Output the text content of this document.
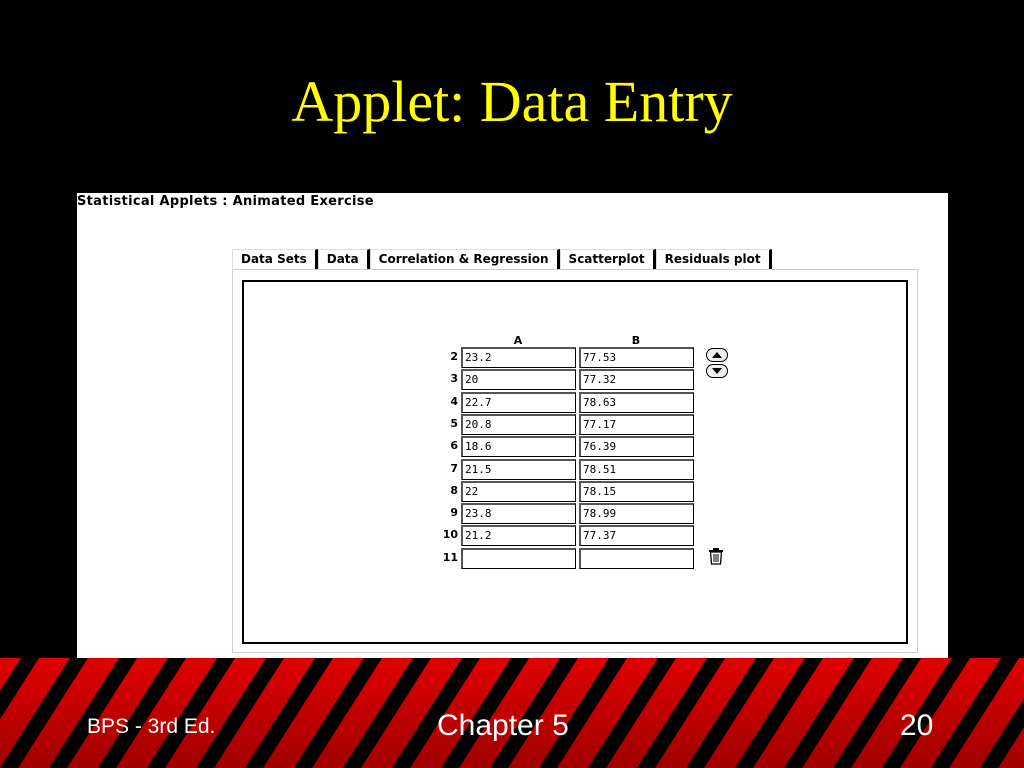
Applet: Data Entry
Statistical Applets : Animated Exercise
Data Sets	Data	Correlation & Regression	Scatterplot	Residuals plot
A	B
2 23.2	77.53
3 20	77.32
4 22.7	78.63
5 20.8	77.17
6 18.6	76.39
7 21.5	78.51
8 22	78.15
9 23.8	78.99
10 21.2	77.37
11
BPS - 3rd Ed.	Chapter 5	20
